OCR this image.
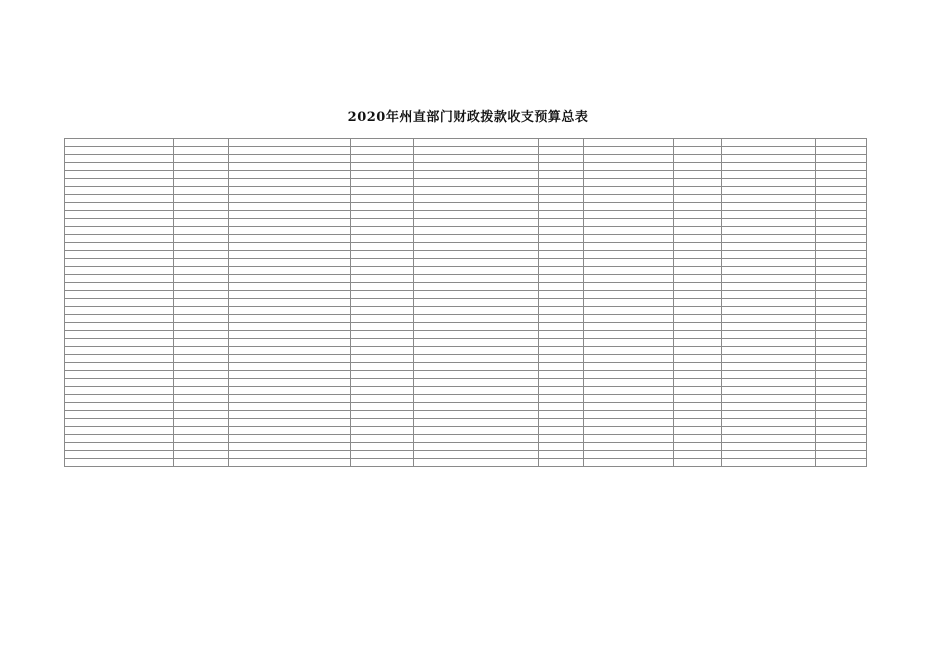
2020年州直部门财政拨款收支预算总表
